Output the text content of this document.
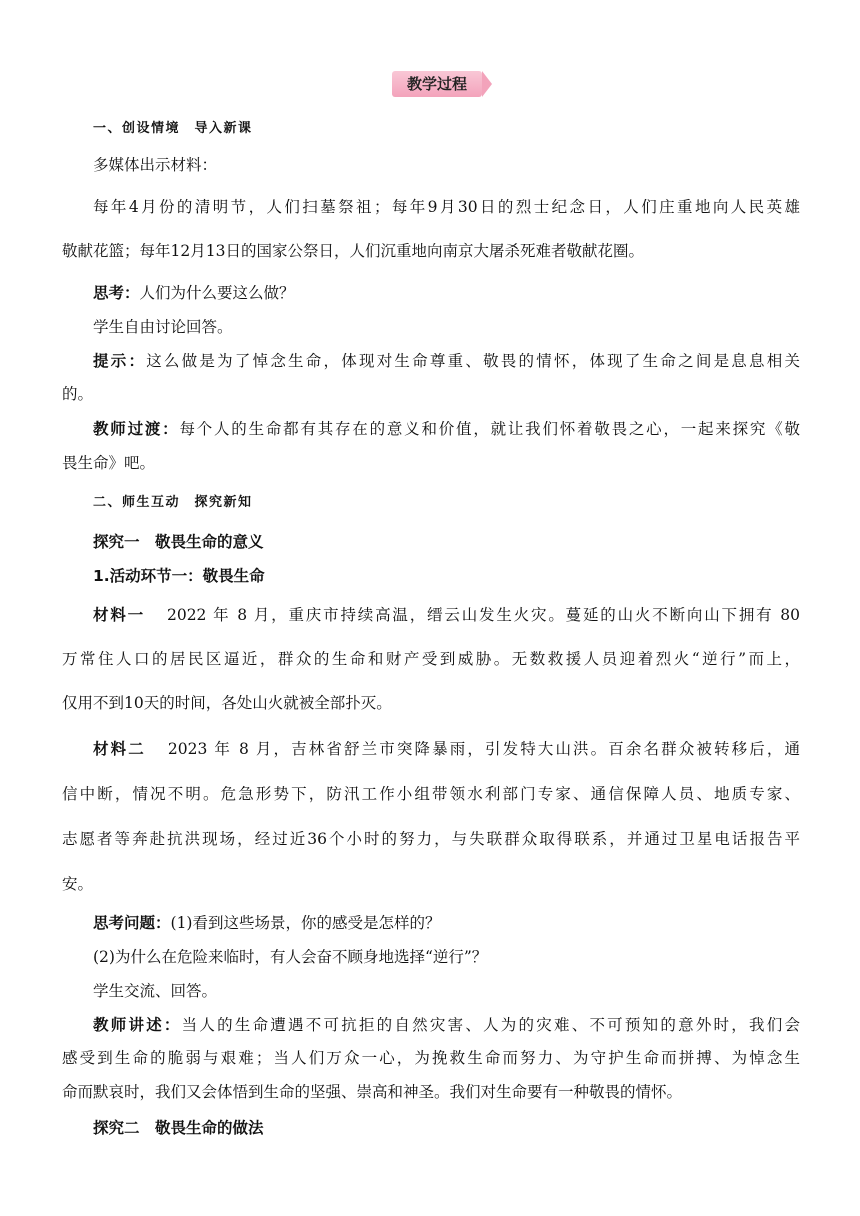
教学过程
一、创设情境　导入新课
多媒体出示材料：
每年4月份的清明节，人们扫墓祭祖；每年9月30日的烈士纪念日，人们庄重地向人民英雄
敬献花篮；每年12月13日的国家公祭日，人们沉重地向南京大屠杀死难者敬献花圈。
思考：人们为什么要这么做？
学生自由讨论回答。
提示：这么做是为了悼念生命，体现对生命尊重、敬畏的情怀，体现了生命之间是息息相关
的。
教师过渡：每个人的生命都有其存在的意义和价值，就让我们怀着敬畏之心，一起来探究《敬
畏生命》吧。
二、师生互动　探究新知
探究一　敬畏生命的意义
1.活动环节一：敬畏生命
材料一 2022 年 8 月，重庆市持续高温，缙云山发生火灾。蔓延的山火不断向山下拥有 80
万常住人口的居民区逼近，群众的生命和财产受到威胁。无数救援人员迎着烈火“逆行”而上，
仅用不到10天的时间，各处山火就被全部扑灭。
材料二 2023 年 8 月，吉林省舒兰市突降暴雨，引发特大山洪。百余名群众被转移后，通
信中断，情况不明。危急形势下，防汛工作小组带领水利部门专家、通信保障人员、地质专家、
志愿者等奔赴抗洪现场，经过近36个小时的努力，与失联群众取得联系，并通过卫星电话报告平
安。
思考问题：(1)看到这些场景，你的感受是怎样的？
(2)为什么在危险来临时，有人会奋不顾身地选择“逆行”？
学生交流、回答。
教师讲述：当人的生命遭遇不可抗拒的自然灾害、人为的灾难、不可预知的意外时，我们会
感受到生命的脆弱与艰难；当人们万众一心，为挽救生命而努力、为守护生命而拼搏、为悼念生
命而默哀时，我们又会体悟到生命的坚强、崇高和神圣。我们对生命要有一种敬畏的情怀。
探究二　敬畏生命的做法
